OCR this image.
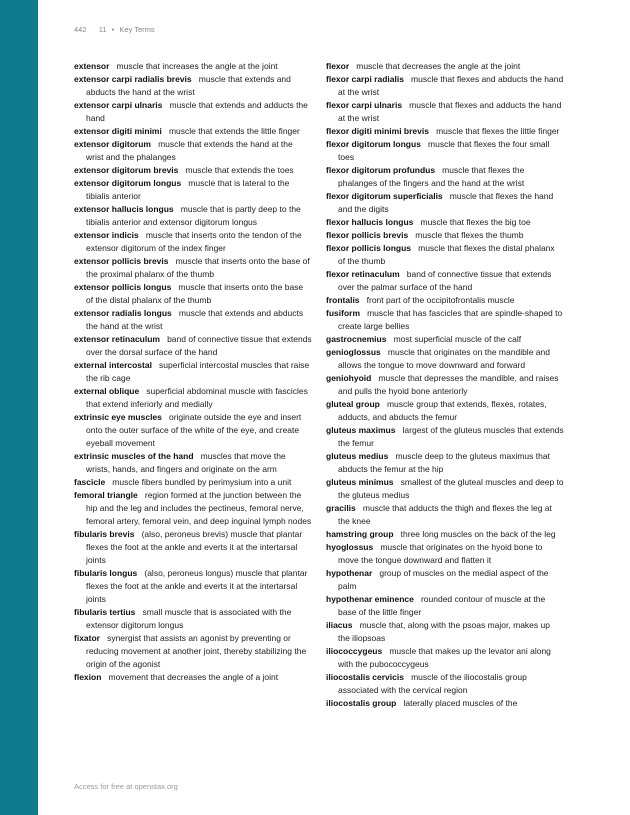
442 11 • Key Terms

extensor muscle that increases the angle at the joint

extensor carpi radialis brevis muscle that extends and abducts the hand at the wrist

extensor carpi ulnaris muscle that extends and adducts the hand

extensor digiti minimi muscle that extends the little finger

extensor digitorum muscle that extends the hand at the wrist and the phalanges

extensor digitorum brevis muscle that extends the toes

extensor digitorum longus muscle that is lateral to the tibialis anterior

extensor hallucis longus muscle that is partly deep to the tibialis anterior and extensor digitorum longus

extensor indicis muscle that inserts onto the tendon of the extensor digitorum of the index finger

extensor pollicis brevis muscle that inserts onto the base of the proximal phalanx of the thumb

extensor pollicis longus muscle that inserts onto the base of the distal phalanx of the thumb

extensor radialis longus muscle that extends and abducts the hand at the wrist

extensor retinaculum band of connective tissue that extends over the dorsal surface of the hand

external intercostal superficial intercostal muscles that raise the rib cage

external oblique superficial abdominal muscle with fascicles that extend inferiorly and medially

extrinsic eye muscles originate outside the eye and insert onto the outer surface of the white of the eye, and create eyeball movement

extrinsic muscles of the hand muscles that move the wrists, hands, and fingers and originate on the arm

fascicle muscle fibers bundled by perimysium into a unit

femoral triangle region formed at the junction between the hip and the leg and includes the pectineus, femoral nerve, femoral artery, femoral vein, and deep inguinal lymph nodes

fibularis brevis (also, peroneus brevis) muscle that plantar flexes the foot at the ankle and everts it at the intertarsal joints

fibularis longus (also, peroneus longus) muscle that plantar flexes the foot at the ankle and everts it at the intertarsal joints

fibularis tertius small muscle that is associated with the extensor digitorum longus

fixator synergist that assists an agonist by preventing or reducing movement at another joint, thereby stabilizing the origin of the agonist

flexion movement that decreases the angle of a joint

flexor muscle that decreases the angle at the joint

flexor carpi radialis muscle that flexes and abducts the hand at the wrist

flexor carpi ulnaris muscle that flexes and adducts the hand at the wrist

flexor digiti minimi brevis muscle that flexes the little finger

flexor digitorum longus muscle that flexes the four small toes

flexor digitorum profundus muscle that flexes the phalanges of the fingers and the hand at the wrist

flexor digitorum superficialis muscle that flexes the hand and the digits

flexor hallucis longus muscle that flexes the big toe

flexor pollicis brevis muscle that flexes the thumb

flexor pollicis longus muscle that flexes the distal phalanx of the thumb

flexor retinaculum band of connective tissue that extends over the palmar surface of the hand

frontalis front part of the occipitofrontalis muscle

fusiform muscle that has fascicles that are spindle-shaped to create large bellies

gastrocnemius most superficial muscle of the calf

genioglossus muscle that originates on the mandible and allows the tongue to move downward and forward

geniohyoid muscle that depresses the mandible, and raises and pulls the hyoid bone anteriorly

gluteal group muscle group that extends, flexes, rotates, adducts, and abducts the femur

gluteus maximus largest of the gluteus muscles that extends the femur

gluteus medius muscle deep to the gluteus maximus that abducts the femur at the hip

gluteus minimus smallest of the gluteal muscles and deep to the gluteus medius

gracilis muscle that adducts the thigh and flexes the leg at the knee

hamstring group three long muscles on the back of the leg

hyoglossus muscle that originates on the hyoid bone to move the tongue downward and flatten it

hypothenar group of muscles on the medial aspect of the palm

hypothenar eminence rounded contour of muscle at the base of the little finger

iliacus muscle that, along with the psoas major, makes up the iliopsoas

iliococcygeus muscle that makes up the levator ani along with the pubococcygeus

iliocostalis cervicis muscle of the iliocostalis group associated with the cervical region

iliocostalis group laterally placed muscles of the

Access for free at openstax.org
